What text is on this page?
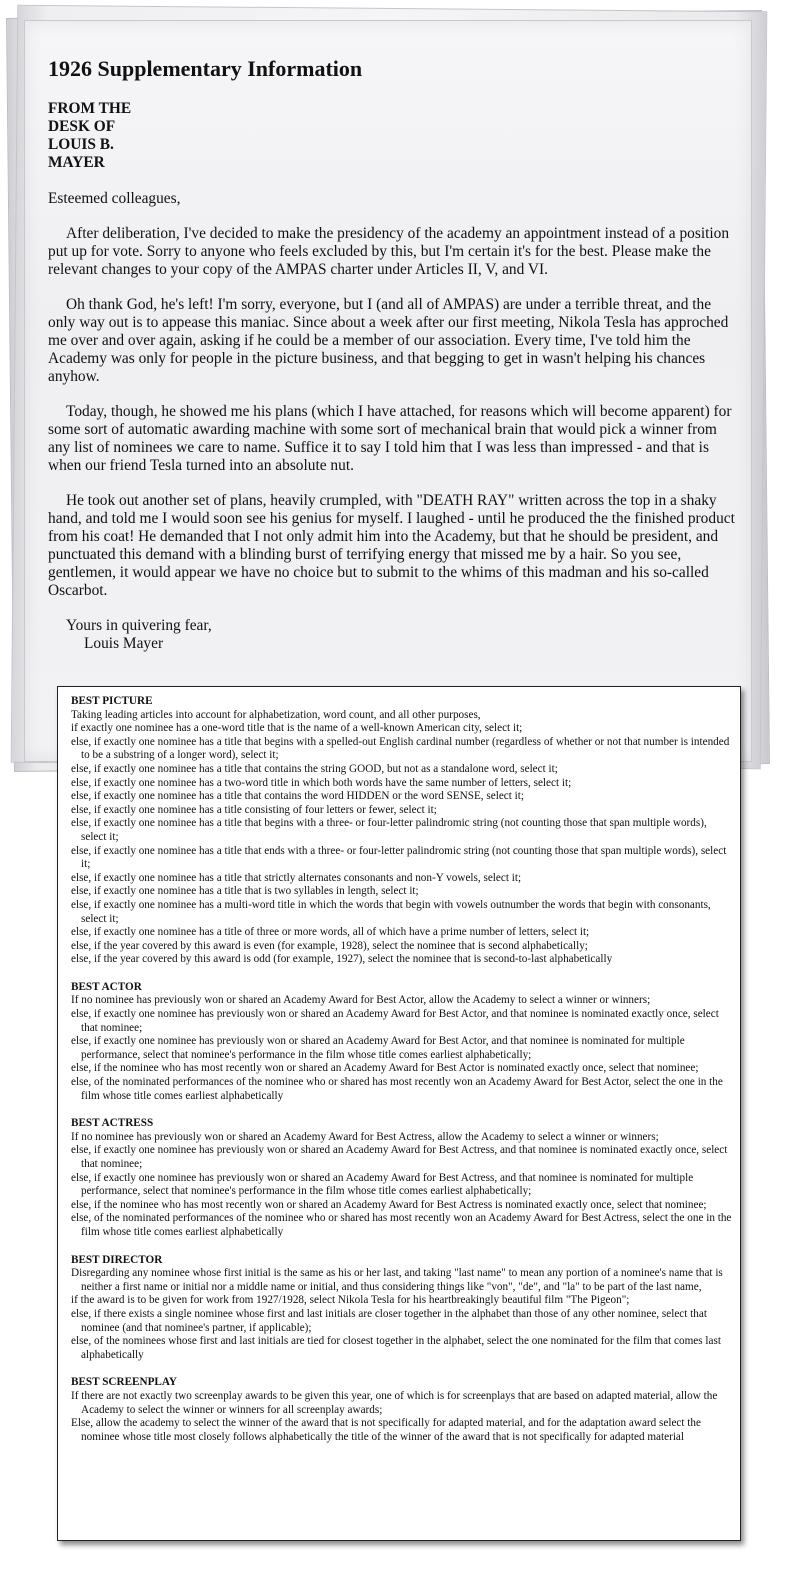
1926 Supplementary Information
FROM THE
DESK OF
LOUIS B.
MAYER

Esteemed colleagues,

After deliberation, I've decided to make the presidency of the academy an appointment instead of a position put up for vote. Sorry to anyone who feels excluded by this, but I'm certain it's for the best. Please make the relevant changes to your copy of the AMPAS charter under Articles II, V, and VI.

Oh thank God, he's left! I'm sorry, everyone, but I (and all of AMPAS) are under a terrible threat, and the only way out is to appease this maniac. Since about a week after our first meeting, Nikola Tesla has approched me over and over again, asking if he could be a member of our association. Every time, I've told him the Academy was only for people in the picture business, and that begging to get in wasn't helping his chances anyhow.

Today, though, he showed me his plans (which I have attached, for reasons which will become apparent) for some sort of automatic awarding machine with some sort of mechanical brain that would pick a winner from any list of nominees we care to name. Suffice it to say I told him that I was less than impressed - and that is when our friend Tesla turned into an absolute nut.

He took out another set of plans, heavily crumpled, with "DEATH RAY" written across the top in a shaky hand, and told me I would soon see his genius for myself. I laughed - until he produced the the finished product from his coat! He demanded that I not only admit him into the Academy, but that he should be president, and punctuated this demand with a blinding burst of terrifying energy that missed me by a hair. So you see, gentlemen, it would appear we have no choice but to submit to the whims of this madman and his so-called Oscarbot.

Yours in quivering fear,
Louis Mayer
BEST PICTURE
Taking leading articles into account for alphabetization, word count, and all other purposes,
if exactly one nominee has a one-word title that is the name of a well-known American city, select it;
else, if exactly one nominee has a title that begins with a spelled-out English cardinal number (regardless of whether or not that number is intended to be a substring of a longer word), select it;
else, if exactly one nominee has a title that contains the string GOOD, but not as a standalone word, select it;
else, if exactly one nominee has a two-word title in which both words have the same number of letters, select it;
else, if exactly one nominee has a title that contains the word HIDDEN or the word SENSE, select it;
else, if exactly one nominee has a title consisting of four letters or fewer, select it;
else, if exactly one nominee has a title that begins with a three- or four-letter palindromic string (not counting those that span multiple words), select it;
else, if exactly one nominee has a title that ends with a three- or four-letter palindromic string (not counting those that span multiple words), select it;
else, if exactly one nominee has a title that strictly alternates consonants and non-Y vowels, select it;
else, if exactly one nominee has a title that is two syllables in length, select it;
else, if exactly one nominee has a multi-word title in which the words that begin with vowels outnumber the words that begin with consonants, select it;
else, if exactly one nominee has a title of three or more words, all of which have a prime number of letters, select it;
else, if the year covered by this award is even (for example, 1928), select the nominee that is second alphabetically;
else, if the year covered by this award is odd (for example, 1927), select the nominee that is second-to-last alphabetically
BEST ACTOR
If no nominee has previously won or shared an Academy Award for Best Actor, allow the Academy to select a winner or winners;
else, if exactly one nominee has previously won or shared an Academy Award for Best Actor, and that nominee is nominated exactly once, select that nominee;
else, if exactly one nominee has previously won or shared an Academy Award for Best Actor, and that nominee is nominated for multiple performance, select that nominee's performance in the film whose title comes earliest alphabetically;
else, if the nominee who has most recently won or shared an Academy Award for Best Actor is nominated exactly once, select that nominee;
else, of the nominated performances of the nominee who or shared has most recently won an Academy Award for Best Actor, select the one in the film whose title comes earliest alphabetically
BEST ACTRESS
If no nominee has previously won or shared an Academy Award for Best Actress, allow the Academy to select a winner or winners;
else, if exactly one nominee has previously won or shared an Academy Award for Best Actress, and that nominee is nominated exactly once, select that nominee;
else, if exactly one nominee has previously won or shared an Academy Award for Best Actress, and that nominee is nominated for multiple performance, select that nominee's performance in the film whose title comes earliest alphabetically;
else, if the nominee who has most recently won or shared an Academy Award for Best Actress is nominated exactly once, select that nominee;
else, of the nominated performances of the nominee who or shared has most recently won an Academy Award for Best Actress, select the one in the film whose title comes earliest alphabetically
BEST DIRECTOR
Disregarding any nominee whose first initial is the same as his or her last, and taking "last name" to mean any portion of a nominee's name that is neither a first name or initial nor a middle name or initial, and thus considering things like "von", "de", and "la" to be part of the last name,
if the award is to be given for work from 1927/1928, select Nikola Tesla for his heartbreakingly beautiful film "The Pigeon";
else, if there exists a single nominee whose first and last initials are closer together in the alphabet than those of any other nominee, select that nominee (and that nominee's partner, if applicable);
else, of the nominees whose first and last initials are tied for closest together in the alphabet, select the one nominated for the film that comes last alphabetically
BEST SCREENPLAY
If there are not exactly two screenplay awards to be given this year, one of which is for screenplays that are based on adapted material, allow the Academy to select the winner or winners for all screenplay awards;
Else, allow the academy to select the winner of the award that is not specifically for adapted material, and for the adaptation award select the nominee whose title most closely follows alphabetically the title of the winner of the award that is not specifically for adapted material
